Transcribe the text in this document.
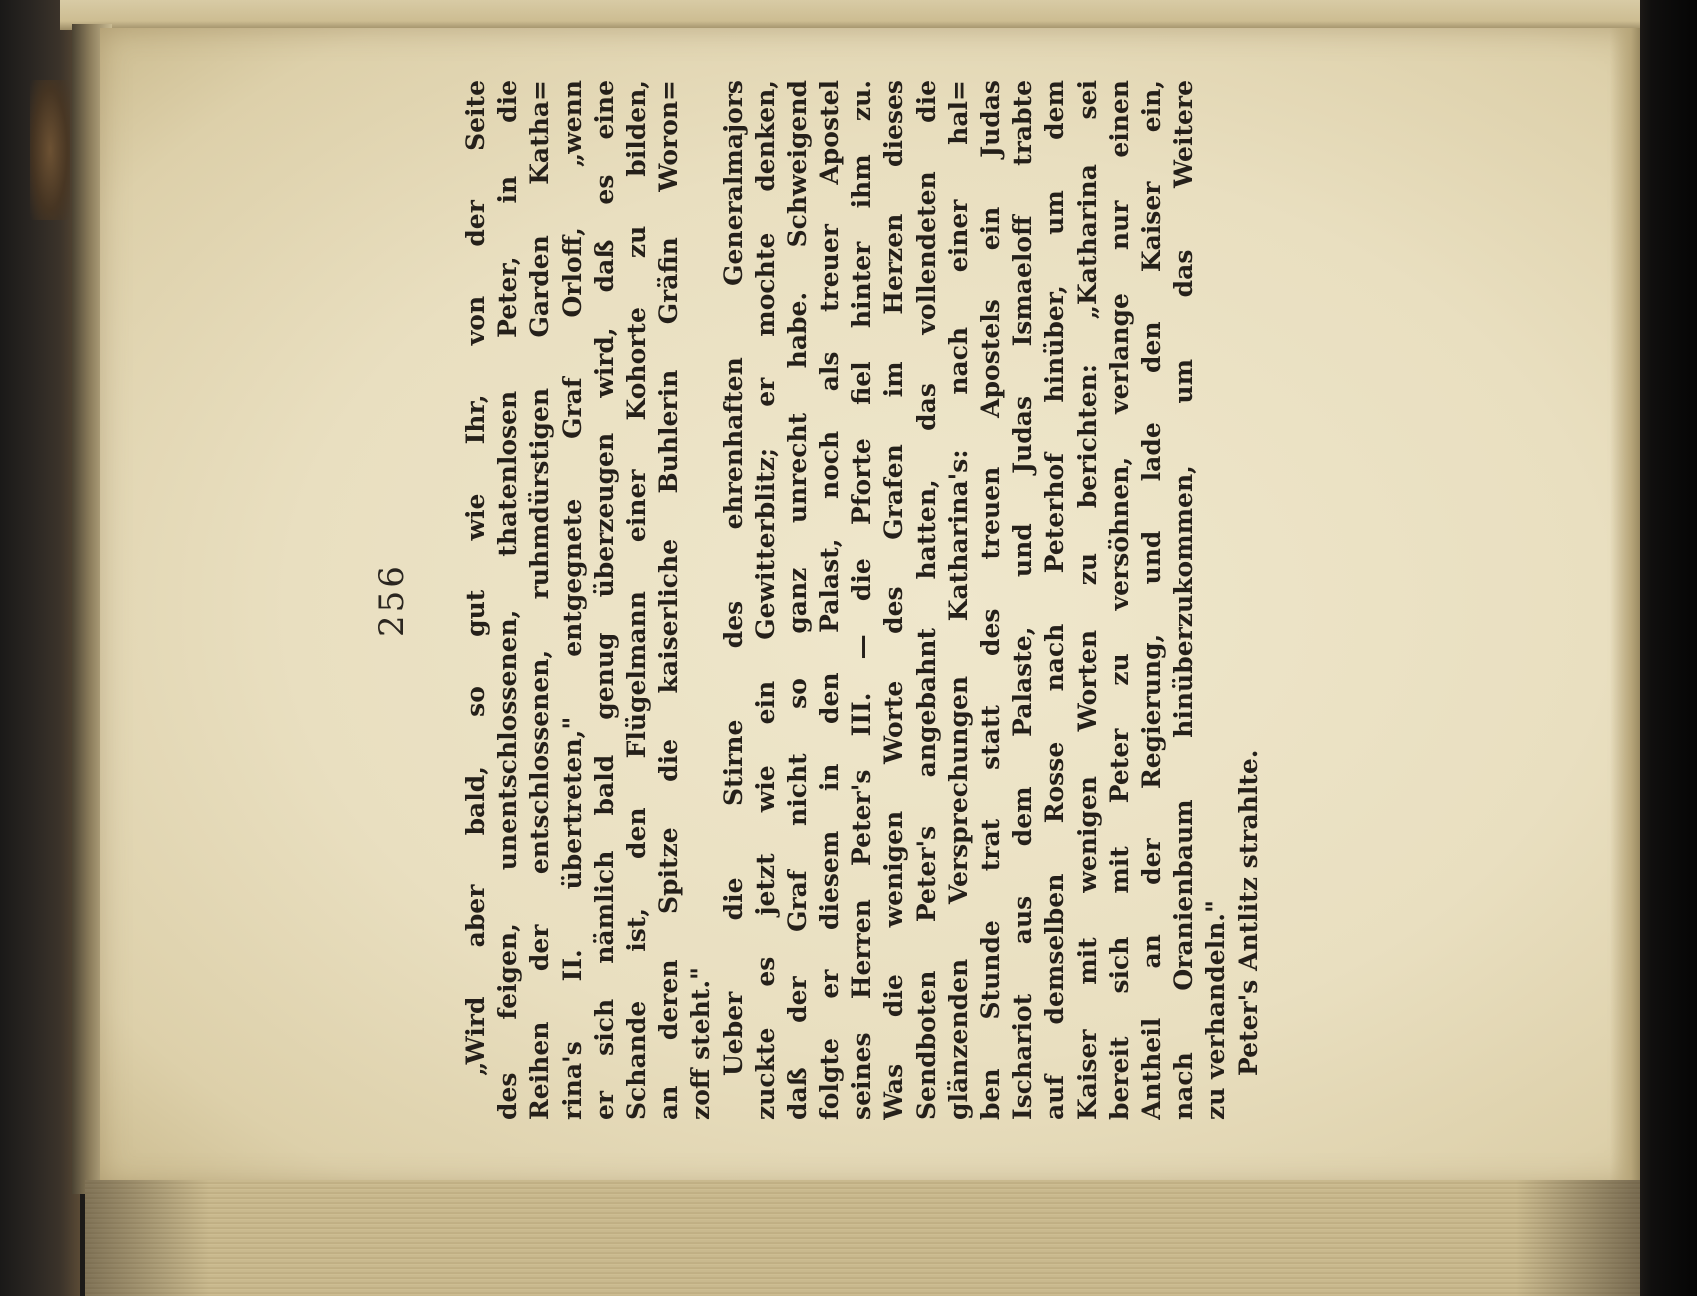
256	„Wird aber bald, so gut wie Ihr, von der Seite des feigen, unentschlossenen, thatenlosen Peter, in die Reihen der entschlossenen, ruhmdürstigen Garden Katha= rina's II. übertreten," entgegnete Graf Orloff, „wenn er sich nämlich bald genug überzeugen wird, daß es eine Schande ist, den Flügelmann einer Kohorte zu bilden, an deren Spitze die kaiserliche Buhlerin Gräfin Woron= zoff steht." Ueber die Stirne des ehrenhaften Generalmajors zuckte es jetzt wie ein Gewitterblitz; er mochte denken, daß der Graf nicht so ganz unrecht habe. Schweigend folgte er diesem in den Palast, noch als treuer Apostel seines Herren Peter's III. — die Pforte fiel hinter ihm zu. Was die wenigen Worte des Grafen im Herzen dieses Sendboten Peter's angebahnt hatten, das vollendeten die glänzenden Versprechungen Katharina's: nach einer hal= ben Stunde trat statt des treuen Apostels ein Judas Ischariot aus dem Palaste, und Judas Ismaeloff trabte auf demselben Rosse nach Peterhof hinüber, um dem Kaiser mit wenigen Worten zu berichten: „Katharina sei bereit sich mit Peter zu versöhnen, verlange nur einen Antheil an der Regierung, und lade den Kaiser ein, nach Oranienbaum hinüberzukommen, um das Weitere zu verhandeln." Peter's Antlitz strahlte.
